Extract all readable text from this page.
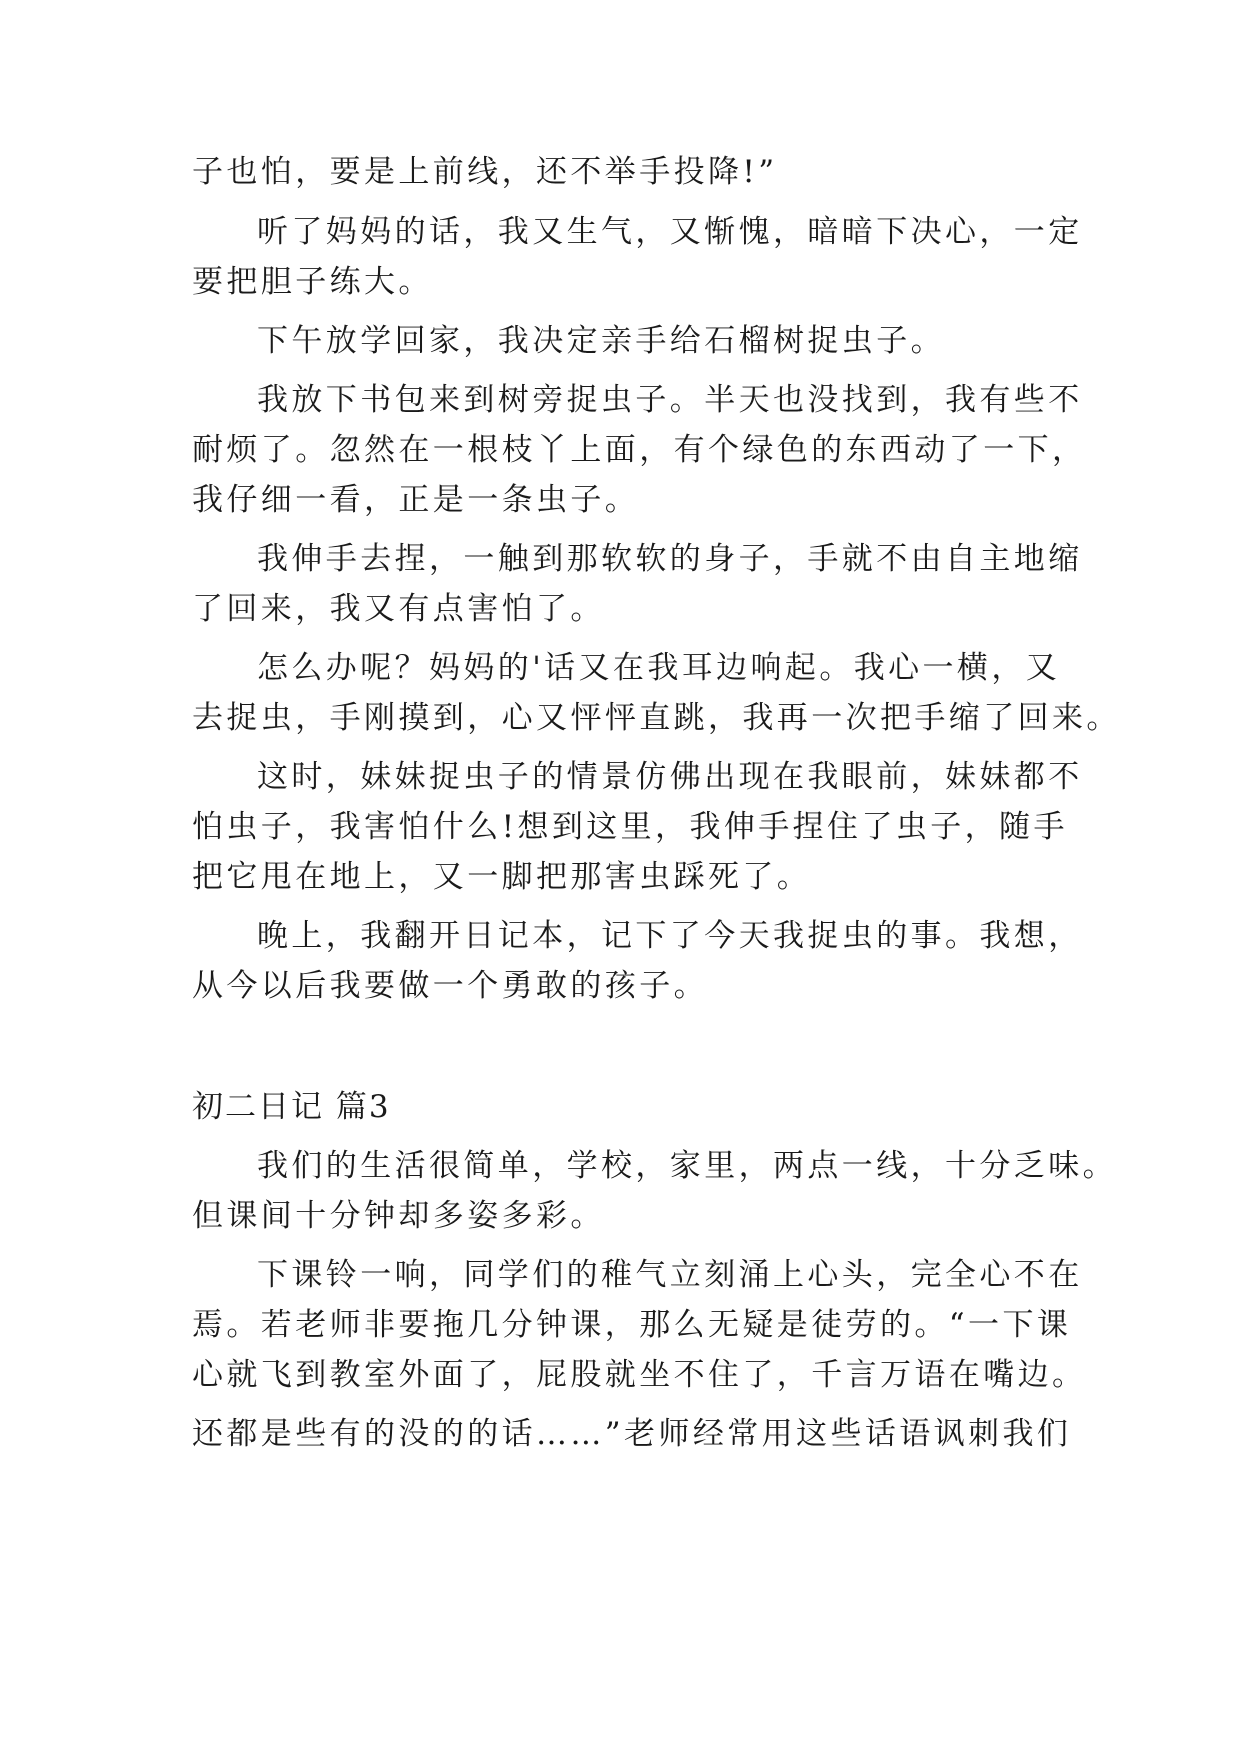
子也怕，要是上前线，还不举手投降!”
听了妈妈的话，我又生气，又惭愧，暗暗下决心，一定
要把胆子练大。
下午放学回家，我决定亲手给石榴树捉虫子。
我放下书包来到树旁捉虫子。半天也没找到，我有些不
耐烦了。忽然在一根枝丫上面，有个绿色的东西动了一下，
我仔细一看，正是一条虫子。
我伸手去捏，一触到那软软的身子，手就不由自主地缩
了回来，我又有点害怕了。
怎么办呢？妈妈的'话又在我耳边响起。我心一横，又
去捉虫，手刚摸到，心又怦怦直跳，我再一次把手缩了回来。
这时，妹妹捉虫子的情景仿佛出现在我眼前，妹妹都不
怕虫子，我害怕什么!想到这里，我伸手捏住了虫子，随手
把它甩在地上，又一脚把那害虫踩死了。
晚上，我翻开日记本，记下了今天我捉虫的事。我想，
从今以后我要做一个勇敢的孩子。
初二日记 篇3
我们的生活很简单，学校，家里，两点一线，十分乏味。
但课间十分钟却多姿多彩。
下课铃一响，同学们的稚气立刻涌上心头，完全心不在
焉。若老师非要拖几分钟课，那么无疑是徒劳的。“一下课
心就飞到教室外面了，屁股就坐不住了，千言万语在嘴边。
还都是些有的没的的话……”老师经常用这些话语讽刺我们
